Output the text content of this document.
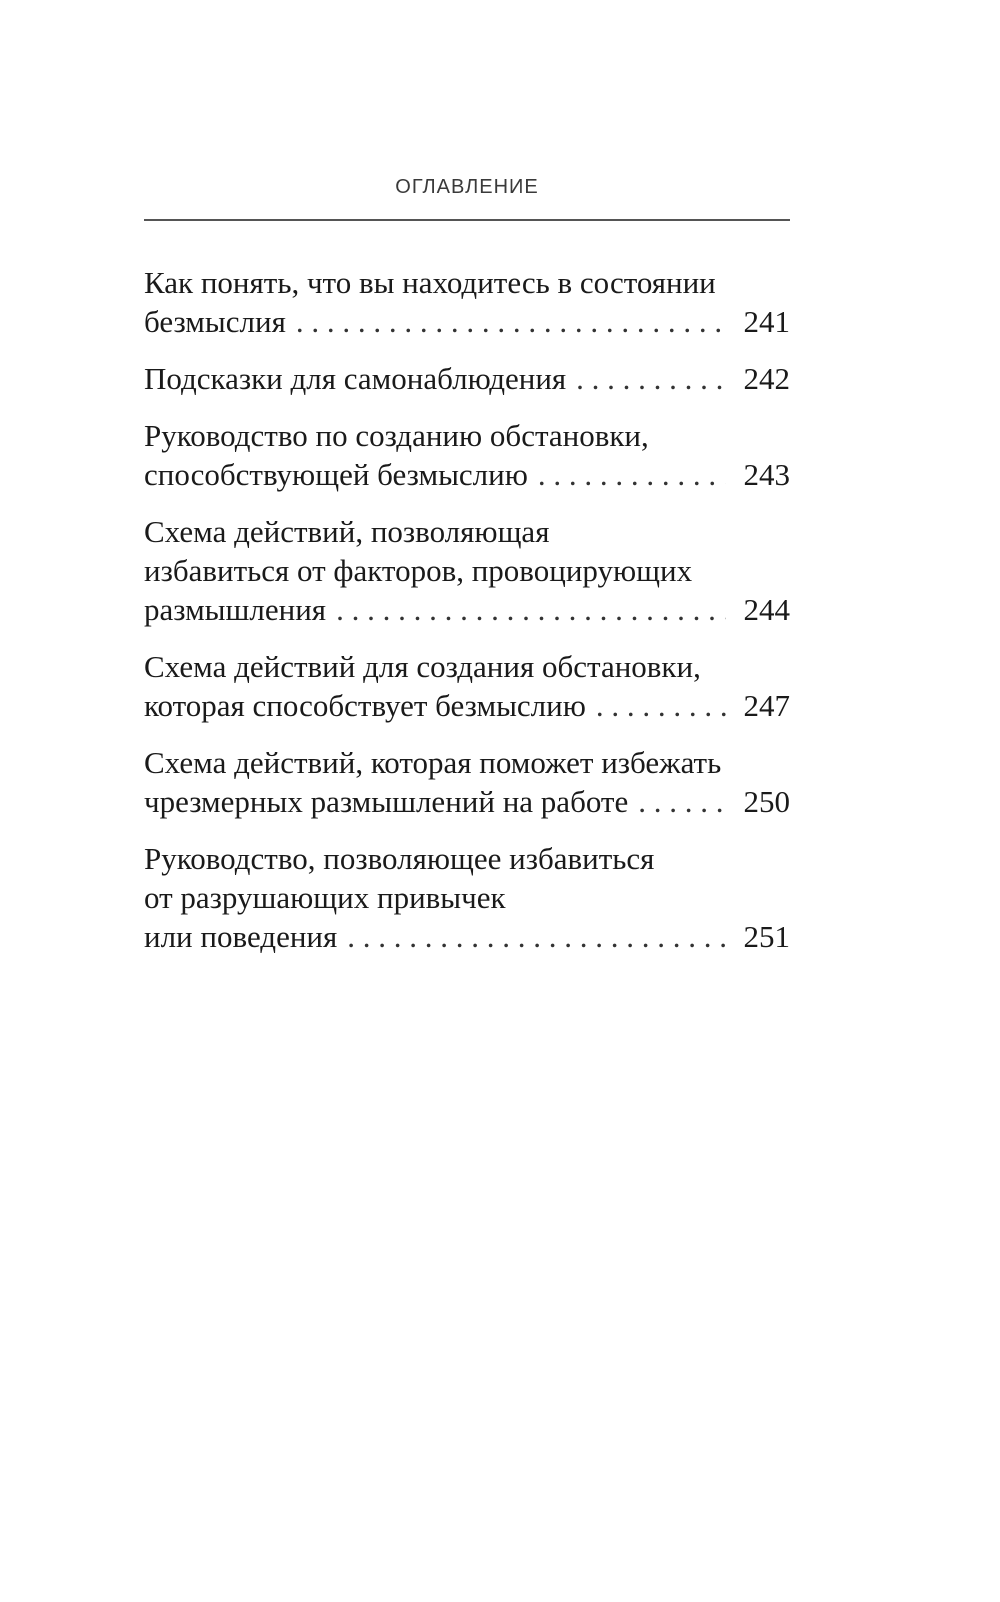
ОГЛАВЛЕНИЕ
Как понять, что вы находитесь в состоянии
безмыслия . . .	241
Подсказки для самонаблюдения . . .	242
Руководство по созданию обстановки,
способствующей безмыслию . . .	243
Схема действий, позволяющая
избавиться от факторов, провоцирующих
размышления . . .	244
Схема действий для создания обстановки,
которая способствует безмыслию . . .	247
Схема действий, которая поможет избежать
чрезмерных размышлений на работе . . .	250
Руководство, позволяющее избавиться
от разрушающих привычек
или поведения . . .	251
